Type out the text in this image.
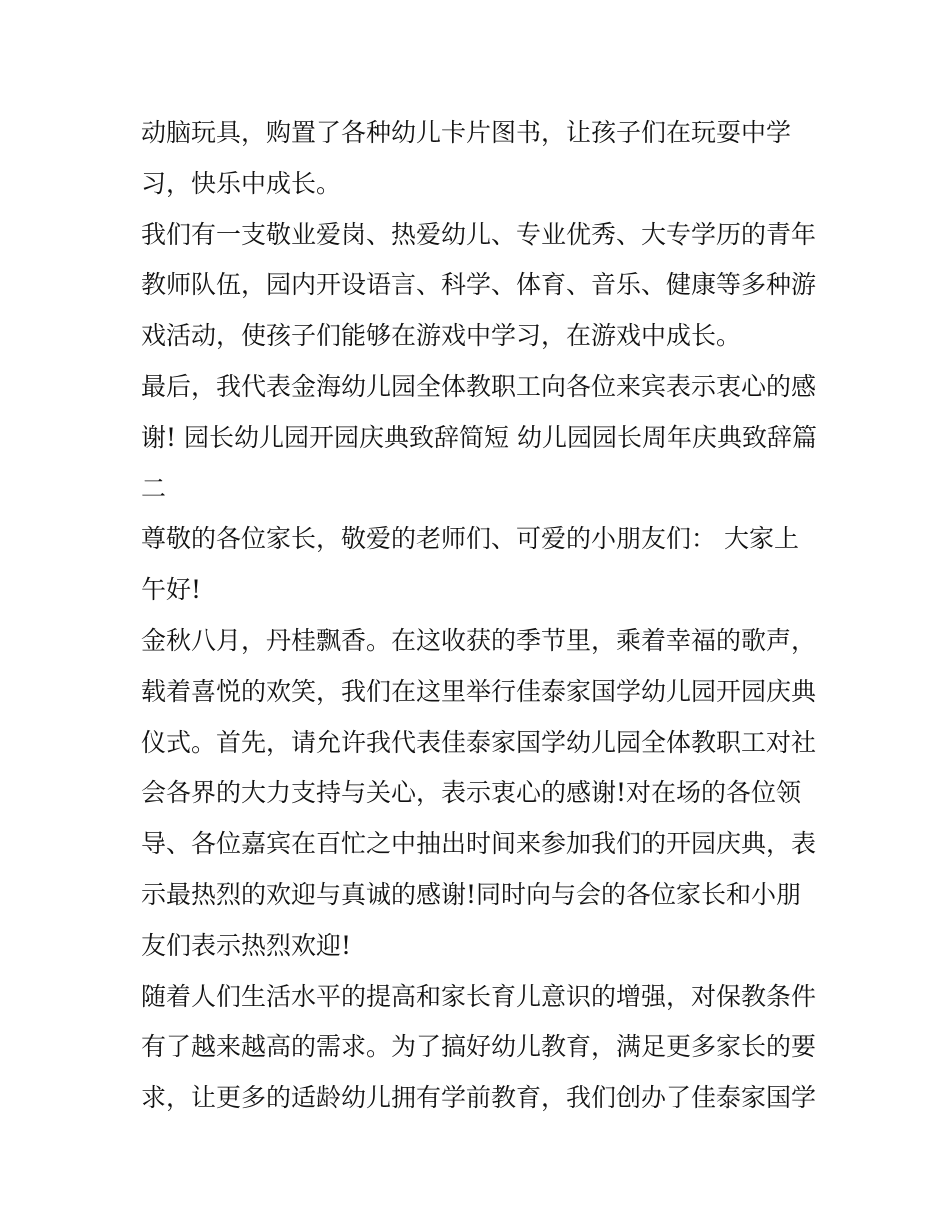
动脑玩具，购置了各种幼儿卡片图书，让孩子们在玩耍中学
习，快乐中成长。
我们有一支敬业爱岗、热爱幼儿、专业优秀、大专学历的青年
教师队伍，园内开设语言、科学、体育、音乐、健康等多种游
戏活动，使孩子们能够在游戏中学习，在游戏中成长。
最后，我代表金海幼儿园全体教职工向各位来宾表示衷心的感
谢! 园长幼儿园开园庆典致辞简短 幼儿园园长周年庆典致辞篇
二
尊敬的各位家长，敬爱的老师们、可爱的小朋友们： 大家上
午好!
金秋八月，丹桂飘香。在这收获的季节里，乘着幸福的歌声，
载着喜悦的欢笑，我们在这里举行佳泰家国学幼儿园开园庆典
仪式。首先，请允许我代表佳泰家国学幼儿园全体教职工对社
会各界的大力支持与关心，表示衷心的感谢!对在场的各位领
导、各位嘉宾在百忙之中抽出时间来参加我们的开园庆典，表
示最热烈的欢迎与真诚的感谢!同时向与会的各位家长和小朋
友们表示热烈欢迎!
随着人们生活水平的提高和家长育儿意识的增强，对保教条件
有了越来越高的需求。为了搞好幼儿教育，满足更多家长的要
求，让更多的适龄幼儿拥有学前教育，我们创办了佳泰家国学
